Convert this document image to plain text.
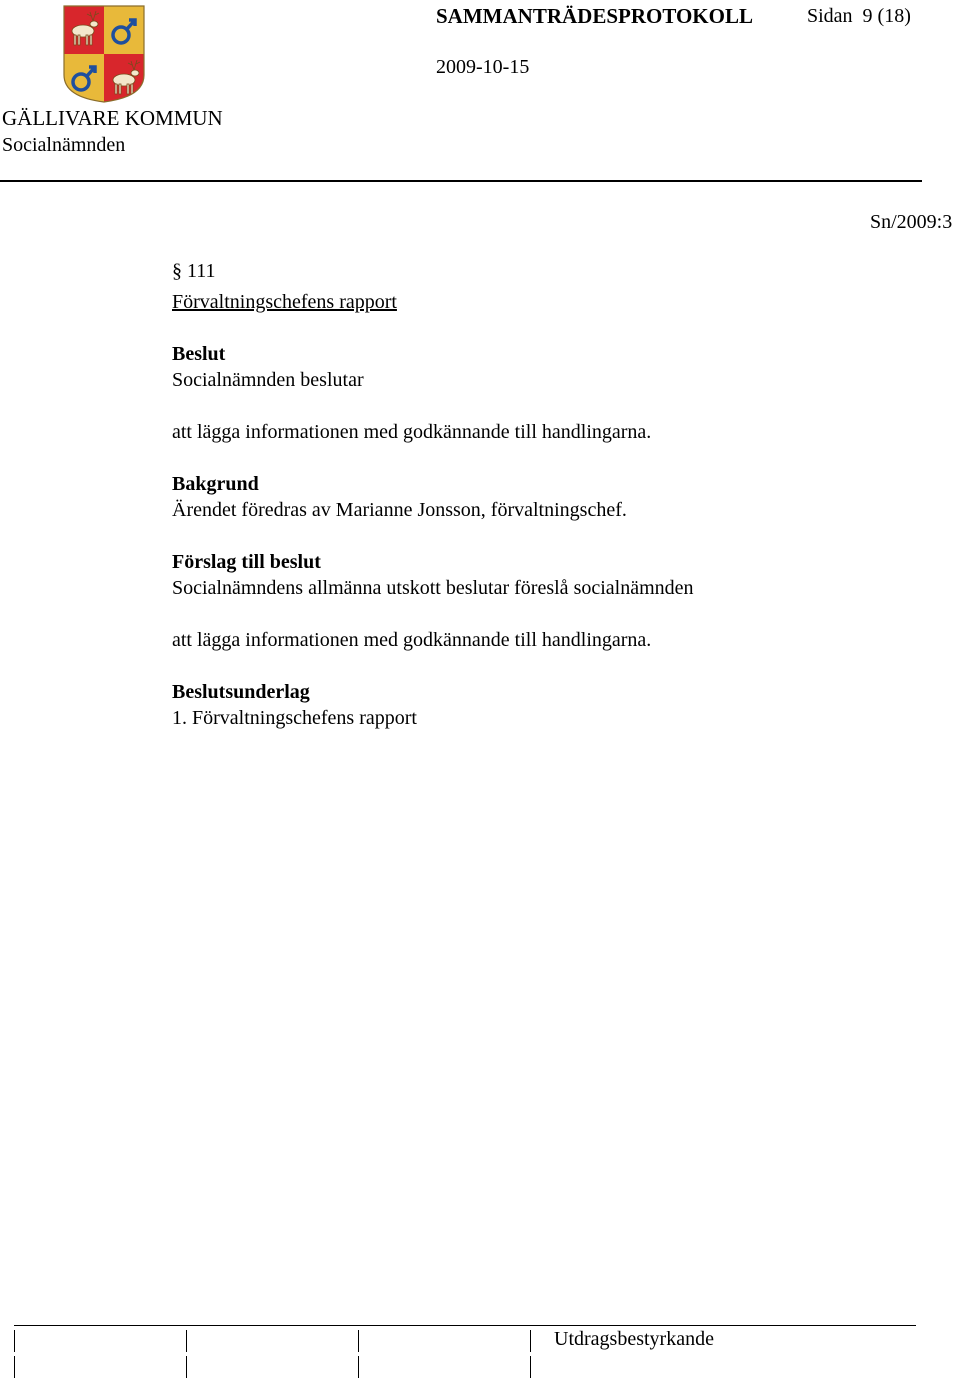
GÄLLIVARE KOMMUN
Socialnämnden
SAMMANTRÄDESPROTOKOLL	Sidan  9 (18)
2009-10-15
Sn/2009:3

§ 111

Förvaltningschefens rapport

Beslut

Socialnämnden beslutar

att lägga informationen med godkännande till handlingarna.

Bakgrund

Ärendet föredras av Marianne Jonsson, förvaltningschef.

Förslag till beslut

Socialnämndens allmänna utskott beslutar föreslå socialnämnden

att lägga informationen med godkännande till handlingarna.

Beslutsunderlag

1. Förvaltningschefens rapport

Utdragsbestyrkande
